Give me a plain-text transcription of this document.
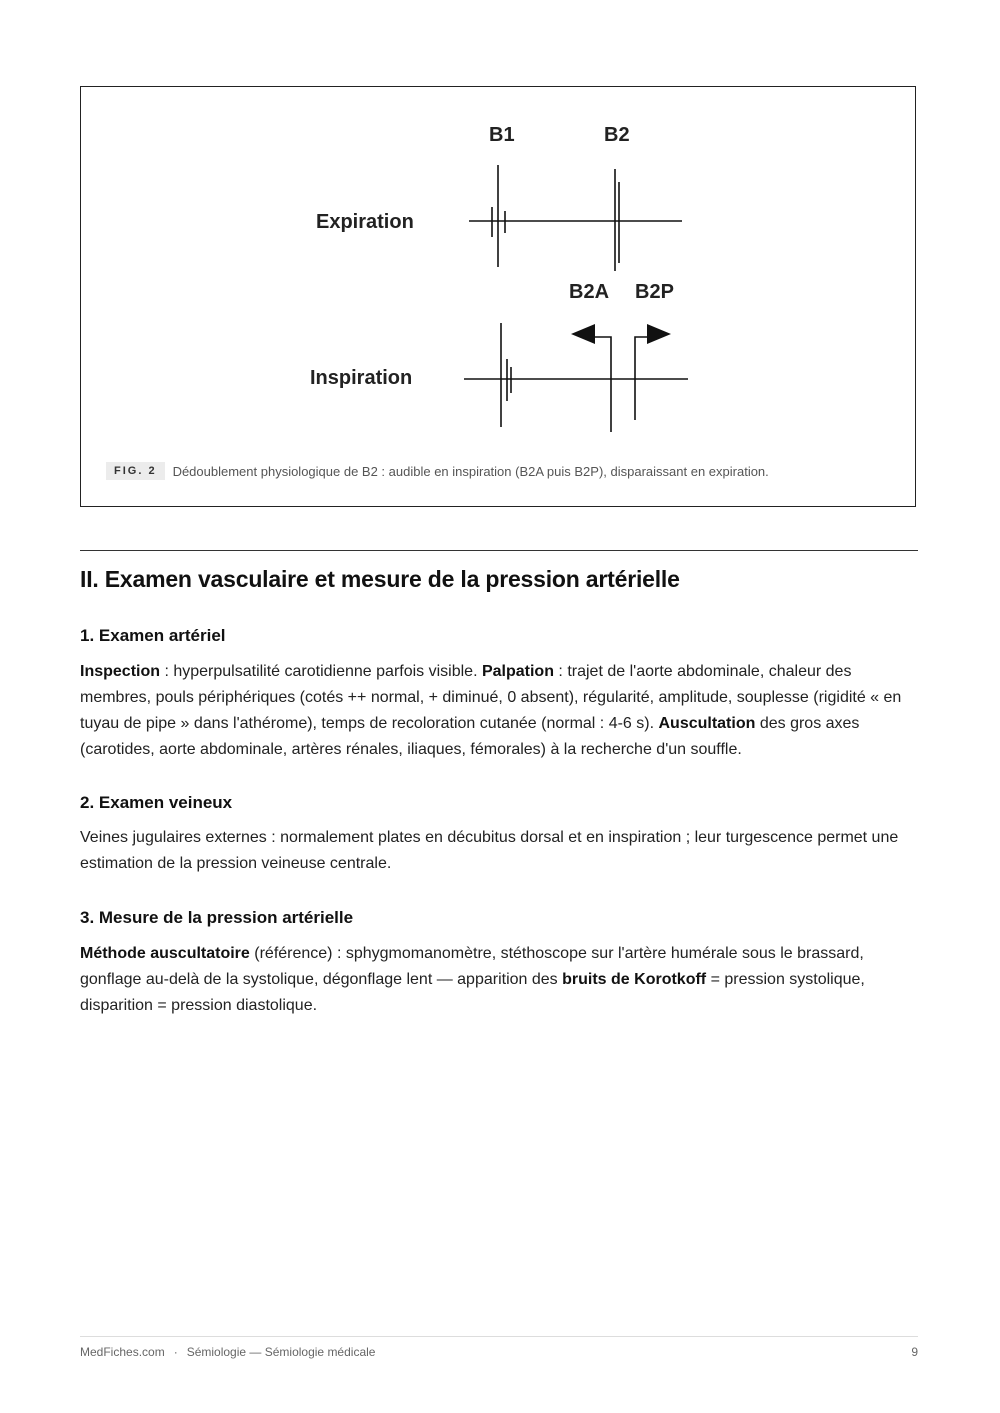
B1	B2
Expiration
B2A B2P
Inspiration
FIG. 2	Dédoublement physiologique de B2 : audible en inspiration (B2A puis B2P), disparaissant en expiration.
II. Examen vasculaire et mesure de la pression artérielle
1. Examen artériel

Inspection : hyperpulsatilité carotidienne parfois visible. Palpation : trajet de l'aorte abdominale, chaleur des membres, pouls périphériques (cotés ++ normal, + diminué, 0 absent), régularité, amplitude, souplesse (rigidité « en tuyau de pipe » dans l'athérome), temps de recoloration cutanée (normal : 4-6 s). Auscultation des gros axes (carotides, aorte abdominale, artères rénales, iliaques, fémorales) à la recherche d'un souffle.

2. Examen veineux

Veines jugulaires externes : normalement plates en décubitus dorsal et en inspiration ; leur turgescence permet une estimation de la pression veineuse centrale.

3. Mesure de la pression artérielle

Méthode auscultatoire (référence) : sphygmomanomètre, stéthoscope sur l'artère humérale sous le brassard, gonflage au-delà de la systolique, dégonflage lent — apparition des bruits de Korotkoff = pression systolique, disparition = pression diastolique.

MedFiches.com · Sémiologie — Sémiologie médicale	9
